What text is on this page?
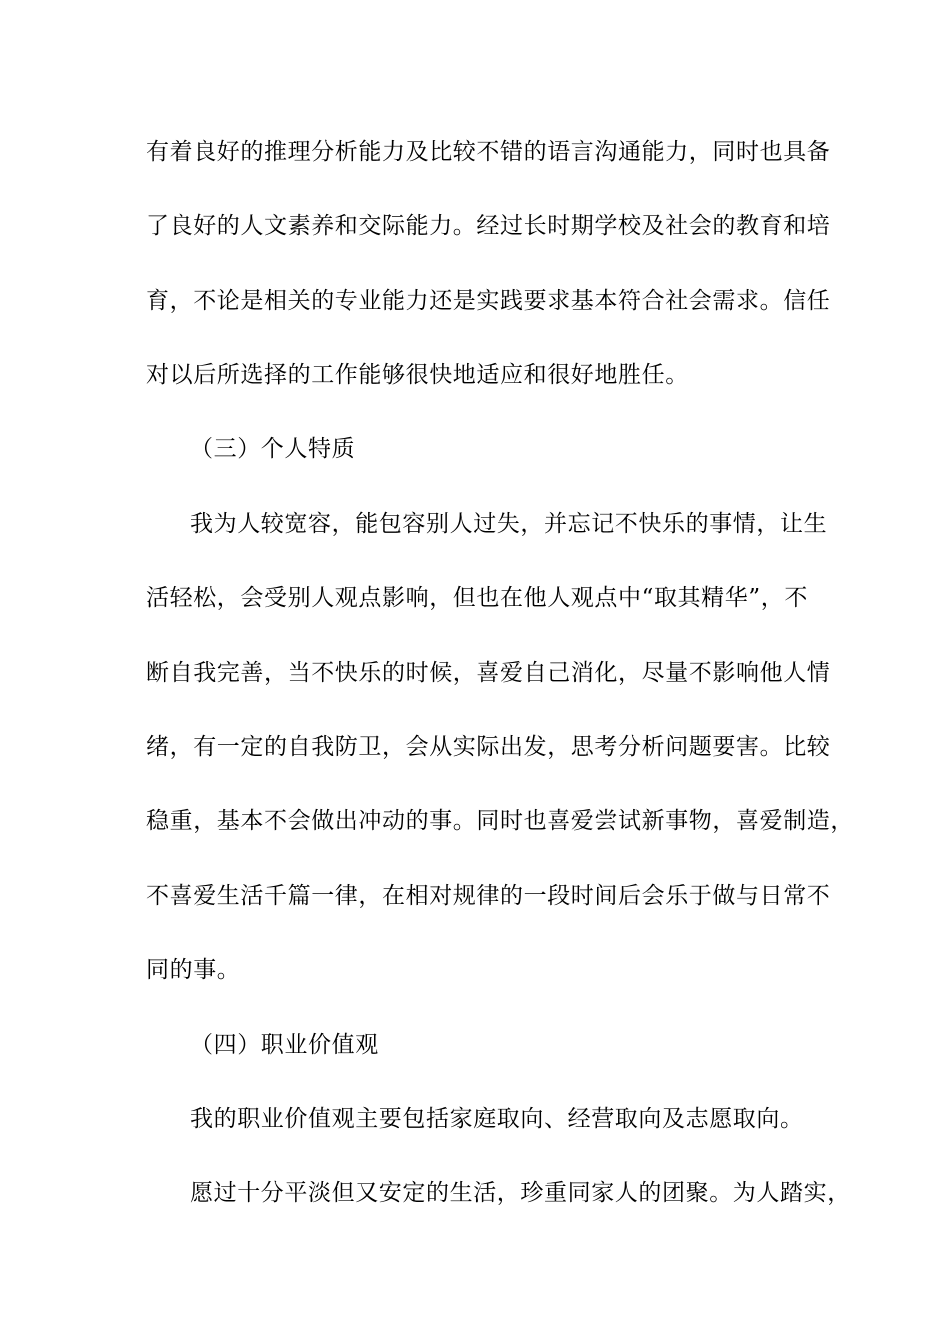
有着良好的推理分析能力及比较不错的语言沟通能力，同时也具备
了良好的人文素养和交际能力。经过长时期学校及社会的教育和培
育，不论是相关的专业能力还是实践要求基本符合社会需求。信任
对以后所选择的工作能够很快地适应和很好地胜任。
（三）个人特质
我为人较宽容，能包容别人过失，并忘记不快乐的事情，让生
活轻松，会受别人观点影响，但也在他人观点中“取其精华”，不
断自我完善，当不快乐的时候，喜爱自己消化，尽量不影响他人情
绪，有一定的自我防卫，会从实际出发，思考分析问题要害。比较
稳重，基本不会做出冲动的事。同时也喜爱尝试新事物，喜爱制造，
不喜爱生活千篇一律，在相对规律的一段时间后会乐于做与日常不
同的事。
（四）职业价值观
我的职业价值观主要包括家庭取向、经营取向及志愿取向。
愿过十分平淡但又安定的生活，珍重同家人的团聚。为人踏实，
